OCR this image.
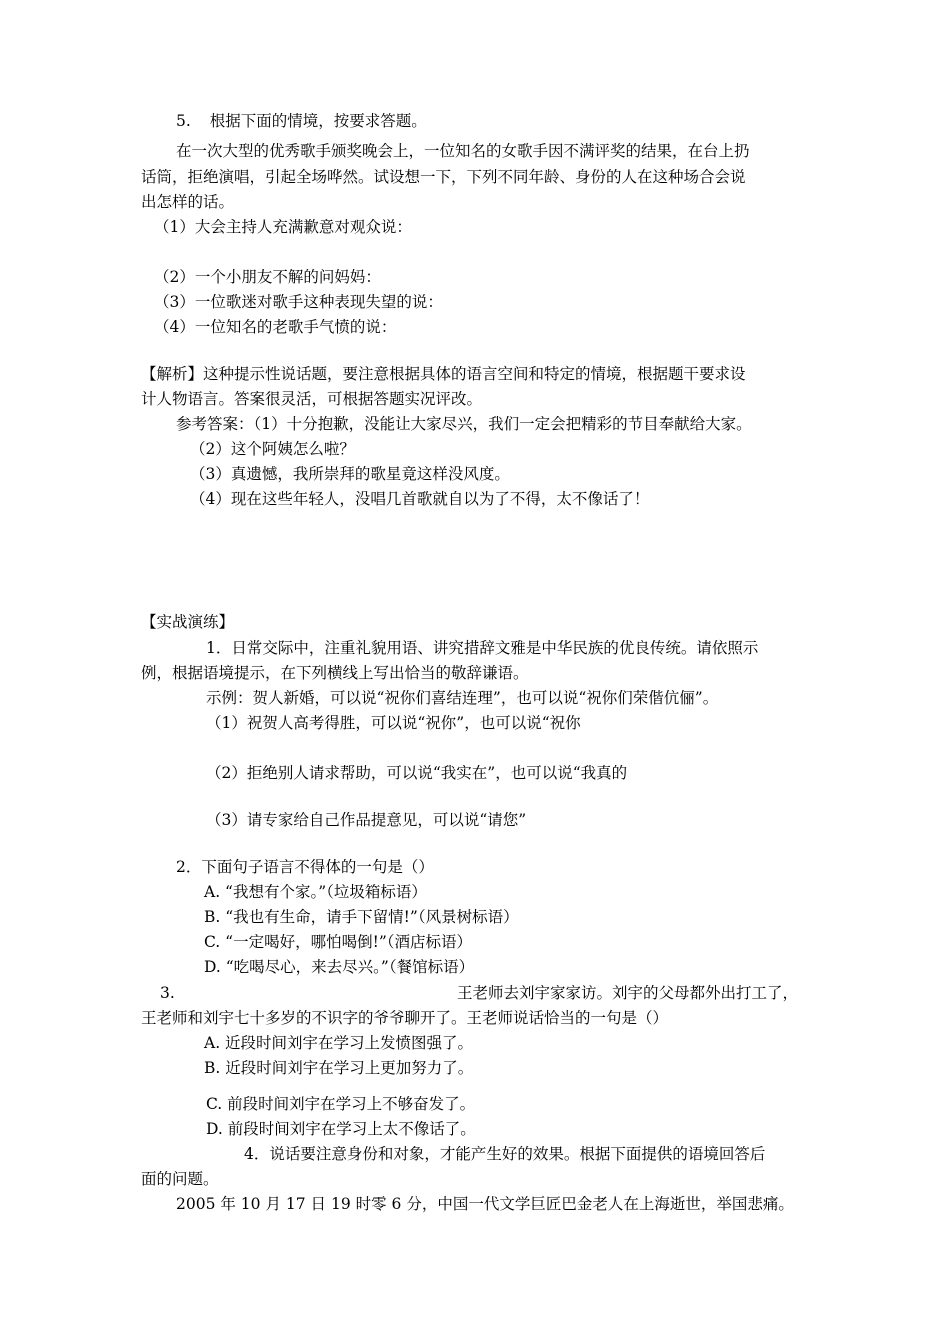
5. 根据下面的情境，按要求答题。
在一次大型的优秀歌手颁奖晚会上，一位知名的女歌手因不满评奖的结果，在台上扔
话筒，拒绝演唱，引起全场哗然。试设想一下，下列不同年龄、身份的人在这种场合会说
出怎样的话。
（1）大会主持人充满歉意对观众说：
（2）一个小朋友不解的问妈妈：
（3）一位歌迷对歌手这种表现失望的说：
（4）一位知名的老歌手气愤的说：
【解析】这种提示性说话题，要注意根据具体的语言空间和特定的情境，根据题干要求设
计人物语言。答案很灵活，可根据答题实况评改。
参考答案：（1）十分抱歉，没能让大家尽兴，我们一定会把精彩的节目奉献给大家。
（2）这个阿姨怎么啦？
（3）真遗憾，我所崇拜的歌星竟这样没风度。
（4）现在这些年轻人，没唱几首歌就自以为了不得，太不像话了！
【实战演练】
1．日常交际中，注重礼貌用语、讲究措辞文雅是中华民族的优良传统。请依照示
例，根据语境提示，在下列横线上写出恰当的敬辞谦语。
示例：贺人新婚，可以说“祝你们喜结连理”，也可以说“祝你们荣偕伉俪”。
（1）祝贺人高考得胜，可以说“祝你”，也可以说“祝你
（2）拒绝别人请求帮助，可以说“我实在”，也可以说“我真的
（3）请专家给自己作品提意见，可以说“请您”
2．下面句子语言不得体的一句是（）
A. “我想有个家。”（垃圾箱标语）
B. “我也有生命，请手下留情!”（风景树标语）
C. “一定喝好，哪怕喝倒!”（酒店标语）
D. “吃喝尽心，来去尽兴。”（餐馆标语）
3.	王老师去刘宇家家访。刘宇的父母都外出打工了，
王老师和刘宇七十多岁的不识字的爷爷聊开了。王老师说话恰当的一句是（）
A. 近段时间刘宇在学习上发愤图强了。
B. 近段时间刘宇在学习上更加努力了。
C. 前段时间刘宇在学习上不够奋发了。
D. 前段时间刘宇在学习上太不像话了。
4．说话要注意身份和对象，才能产生好的效果。根据下面提供的语境回答后
面的问题。
2005 年 10 月 17 日 19 时零 6 分，中国一代文学巨匠巴金老人在上海逝世，举国悲痛。
